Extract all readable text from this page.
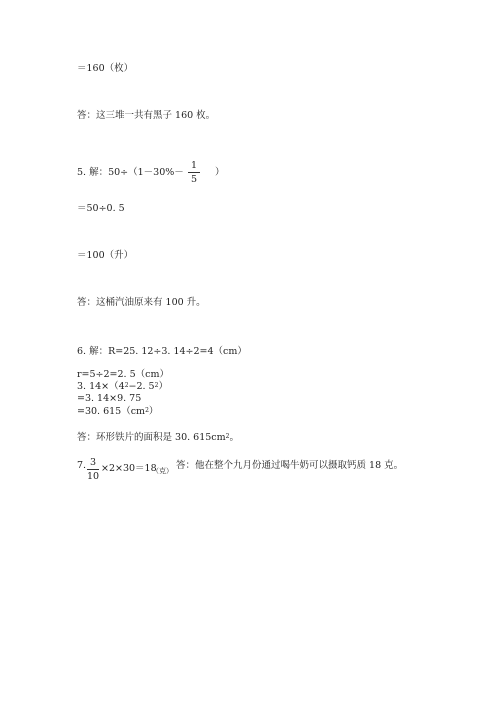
＝160（枚）
答：这三堆一共有黑子 160 枚。
5. 解：50÷（1－30%－
1
5
）
＝50÷0. 5
＝100（升）
答：这桶汽油原来有 100 升。
6. 解：R=25. 12÷3. 14÷2=4（cm）
r=5÷2=2. 5（cm）
3. $14\times(4^2-2$. $5^2$）
=3. 14×9. 75
=30. $615(cm^2)$
答：环形铁片的面积是 30. $615cm^2$。
7. 3
10
×2×30＝18
（克） 答：他在整个九月份通过喝牛奶可以摄取钙质 18 克。
